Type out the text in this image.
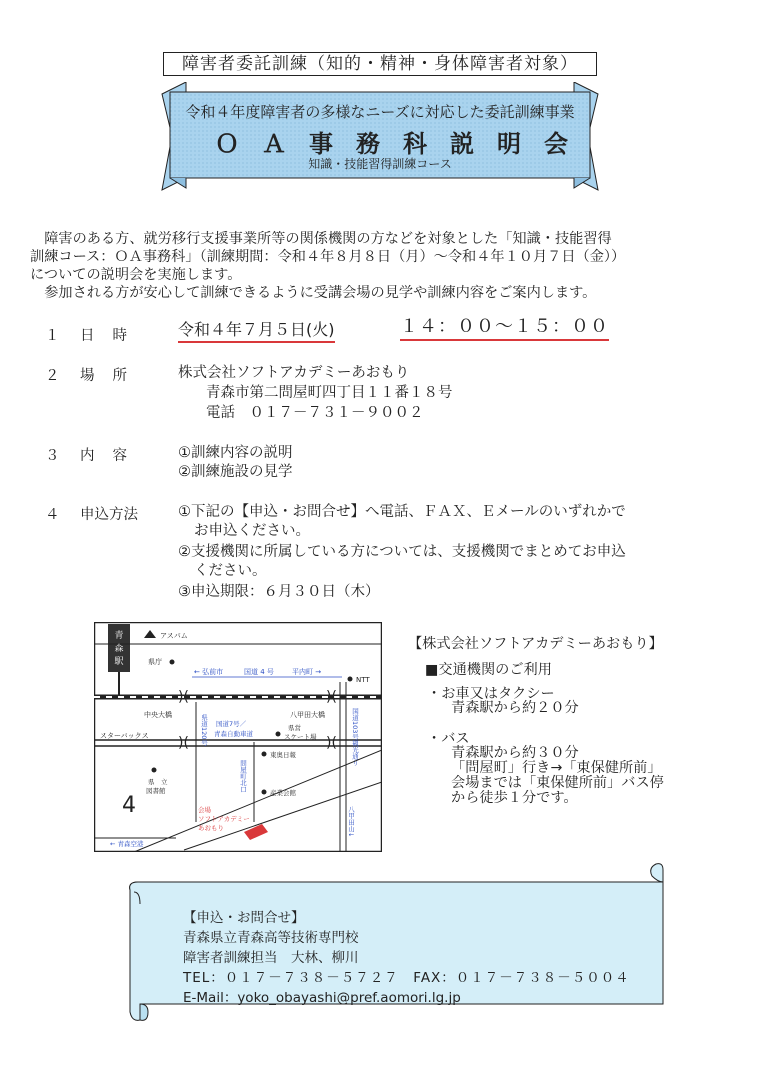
障害者委託訓練（知的・精神・身体障害者対象）
令和４年度障害者の多様なニーズに対応した委託訓練事業
ＯＡ事務科説明会
知識・技能習得訓練コース

　障害のある方、就労移行支援事業所等の関係機関の方などを対象とした「知識・技能習得

訓練コース：ＯＡ事務科」（訓練期間：令和４年８月８日（月）～令和４年１０月７日（金））

についての説明会を実施します。

　参加される方が安心して訓練できるように受講会場の見学や訓練内容をご案内します。

１ 日時 令和４年７月５日(火)	１４：００～１５：００
２ 場所 株式会社ソフトアカデミーあおもり
青森市第二問屋町四丁目１１番１８号
電話　０１７－７３１－９００２
３ 内容 ①訓練内容の説明
②訓練施設の見学
４ 申込方法	①下記の【申込・お問合せ】へ電話、ＦＡＸ、Ｅメールのいずれかで
お申込ください。
②支援機関に所属している方については、支援機関でまとめてお申込
ください。
③申込期限：６月３０日（木）
青
森
駅
アスパム
県庁
← 弘前市	国道 4 号	平内町 →
NTT
)(	)(
中央大橋	八甲田大橋
)(	)(
スターバックス
国道7号／
青森自動車道
県営
スケート場
県道120号	国道103号観光通り
県　立
図書館
4
東奥日報
問屋町北口
産業会館
会場
ソフトアカデミー
あおもり
← 青森空港
八甲田山↓
【株式会社ソフトアカデミーあおもり】
■交通機関のご利用
・お車又はタクシー
青森駅から約２０分
・バス
青森駅から約３０分
「問屋町」行き→「東保健所前」
会場までは「東保健所前」バス停
から徒歩１分です。
【申込・お問合せ】
青森県立青森高等技術専門校
障害者訓練担当　大林、柳川
TEL：０１７－７３８－５７２７　FAX：０１７－７３８－５００４
E-Mail：yoko_obayashi@pref.aomori.lg.jp
